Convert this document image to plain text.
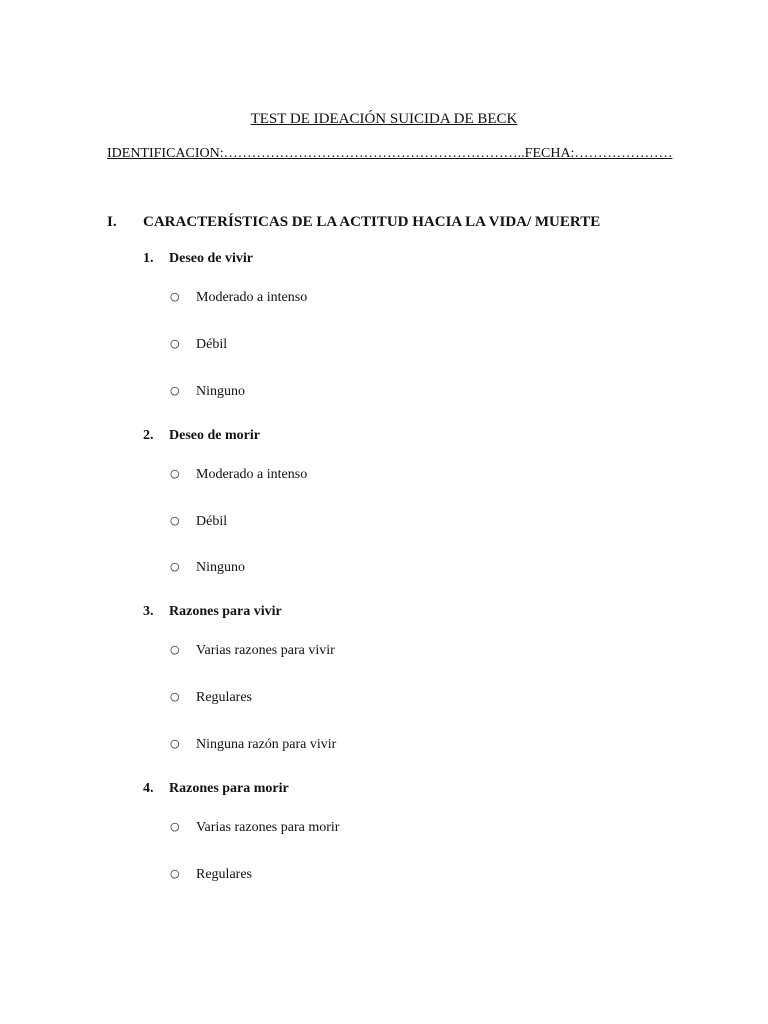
TEST DE IDEACIÓN SUICIDA DE BECK
IDENTIFICACION:………………………………………………………..FECHA:…………………
I. CARACTERÍSTICAS DE LA ACTITUD HACIA LA VIDA/ MUERTE
1. Deseo de vivir
○ Moderado a intenso
○ Débil
○ Ninguno
2. Deseo de morir
○ Moderado a intenso
○ Débil
○ Ninguno
3. Razones para vivir
○ Varias razones para vivir
○ Regulares
○ Ninguna razón para vivir
4. Razones para morir
○ Varias razones para morir
○ Regulares
